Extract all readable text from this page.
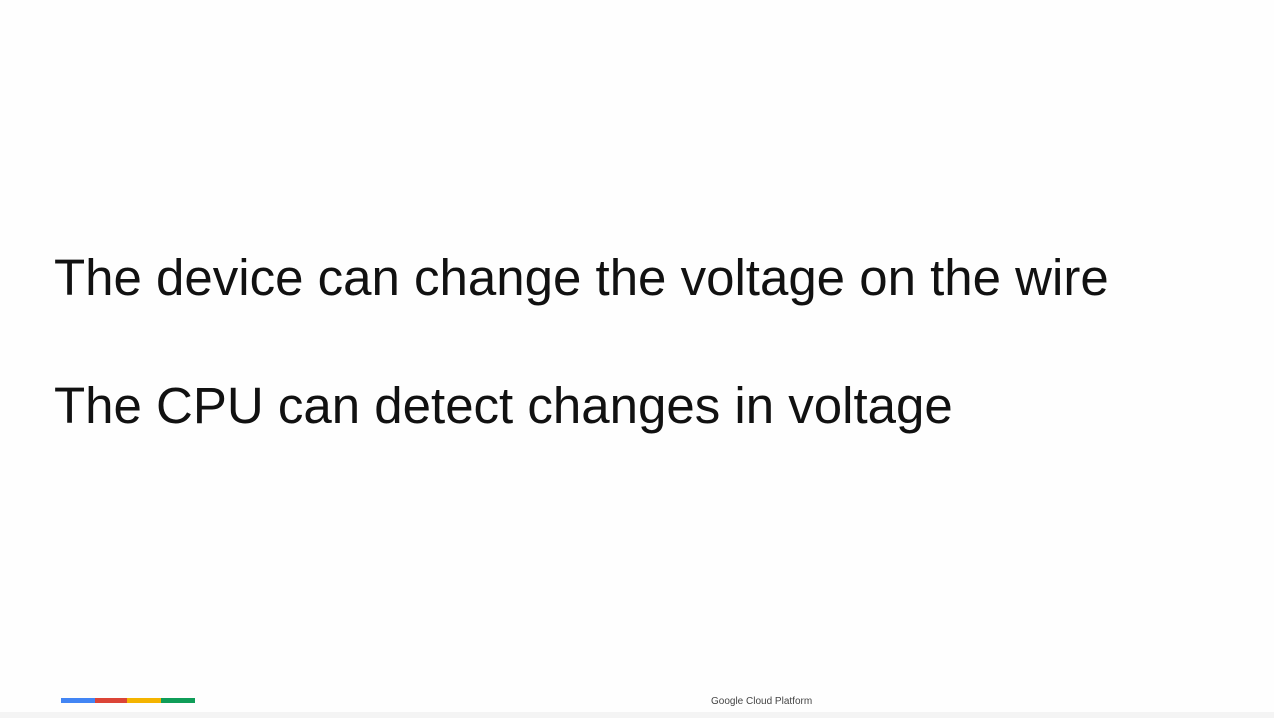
The device can change the voltage on the wire

The CPU can detect changes in voltage

Google Cloud Platform
